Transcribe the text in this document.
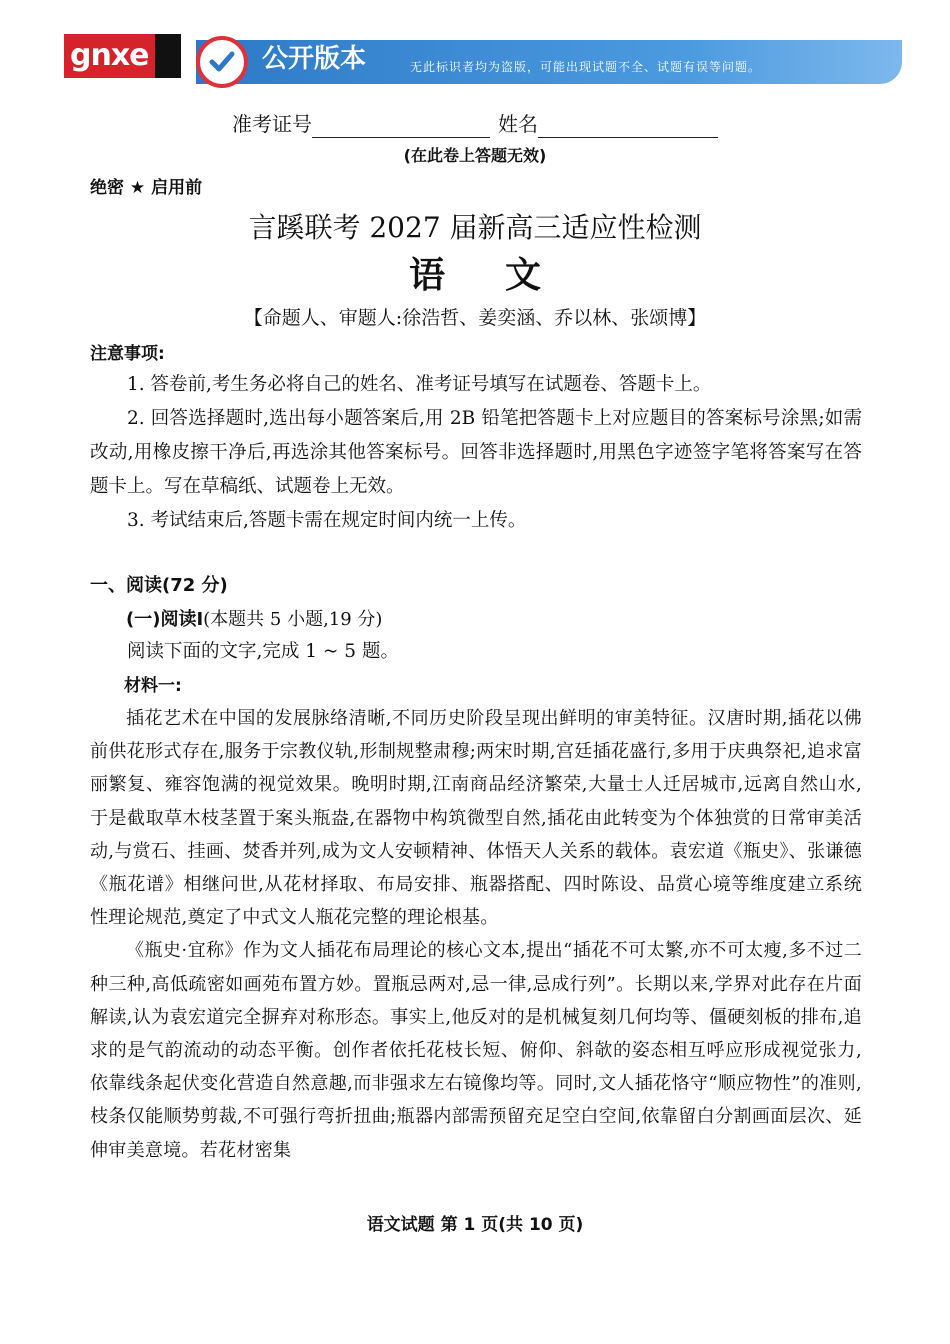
gnxe	公开版本	无此标识者均为盗版，可能出现试题不全、试题有误等问题。
准考证号	姓名
(在此卷上答题无效)
绝密 ★ 启用前
言蹊联考 2027 届新高三适应性检测
语 文
【命题人、审题人:徐浩哲、姜奕涵、乔以林、张颂博】
注意事项:

1. 答卷前,考生务必将自己的姓名、准考证号填写在试题卷、答题卡上。

2. 回答选择题时,选出每小题答案后,用 2B 铅笔把答题卡上对应题目的答案标号涂黑;如需改动,用橡皮擦干净后,再选涂其他答案标号。回答非选择题时,用黑色字迹签字笔将答案写在答题卡上。写在草稿纸、试题卷上无效。

3. 考试结束后,答题卡需在规定时间内统一上传。

一、阅读(72 分)
(一)阅读Ⅰ(本题共 5 小题,19 分)
阅读下面的文字,完成 1 ~ 5 题。
材料一:

插花艺术在中国的发展脉络清晰,不同历史阶段呈现出鲜明的审美特征。汉唐时期,插花以佛前供花形式存在,服务于宗教仪轨,形制规整肃穆;两宋时期,宫廷插花盛行,多用于庆典祭祀,追求富丽繁复、雍容饱满的视觉效果。晚明时期,江南商品经济繁荣,大量士人迁居城市,远离自然山水,于是截取草木枝茎置于案头瓶盎,在器物中构筑微型自然,插花由此转变为个体独赏的日常审美活动,与赏石、挂画、焚香并列,成为文人安顿精神、体悟天人关系的载体。袁宏道《瓶史》、张谦德《瓶花谱》相继问世,从花材择取、布局安排、瓶器搭配、四时陈设、品赏心境等维度建立系统性理论规范,奠定了中式文人瓶花完整的理论根基。

《瓶史·宜称》作为文人插花布局理论的核心文本,提出“插花不可太繁,亦不可太瘦,多不过二种三种,高低疏密如画苑布置方妙。置瓶忌两对,忌一律,忌成行列”。长期以来,学界对此存在片面解读,认为袁宏道完全摒弃对称形态。事实上,他反对的是机械复刻几何均等、僵硬刻板的排布,追求的是气韵流动的动态平衡。创作者依托花枝长短、俯仰、斜欹的姿态相互呼应形成视觉张力,依靠线条起伏变化营造自然意趣,而非强求左右镜像均等。同时,文人插花恪守“顺应物性”的准则,枝条仅能顺势剪裁,不可强行弯折扭曲;瓶器内部需预留充足空白空间,依靠留白分割画面层次、延伸审美意境。若花材密集

语文试题 第 1 页(共 10 页)
